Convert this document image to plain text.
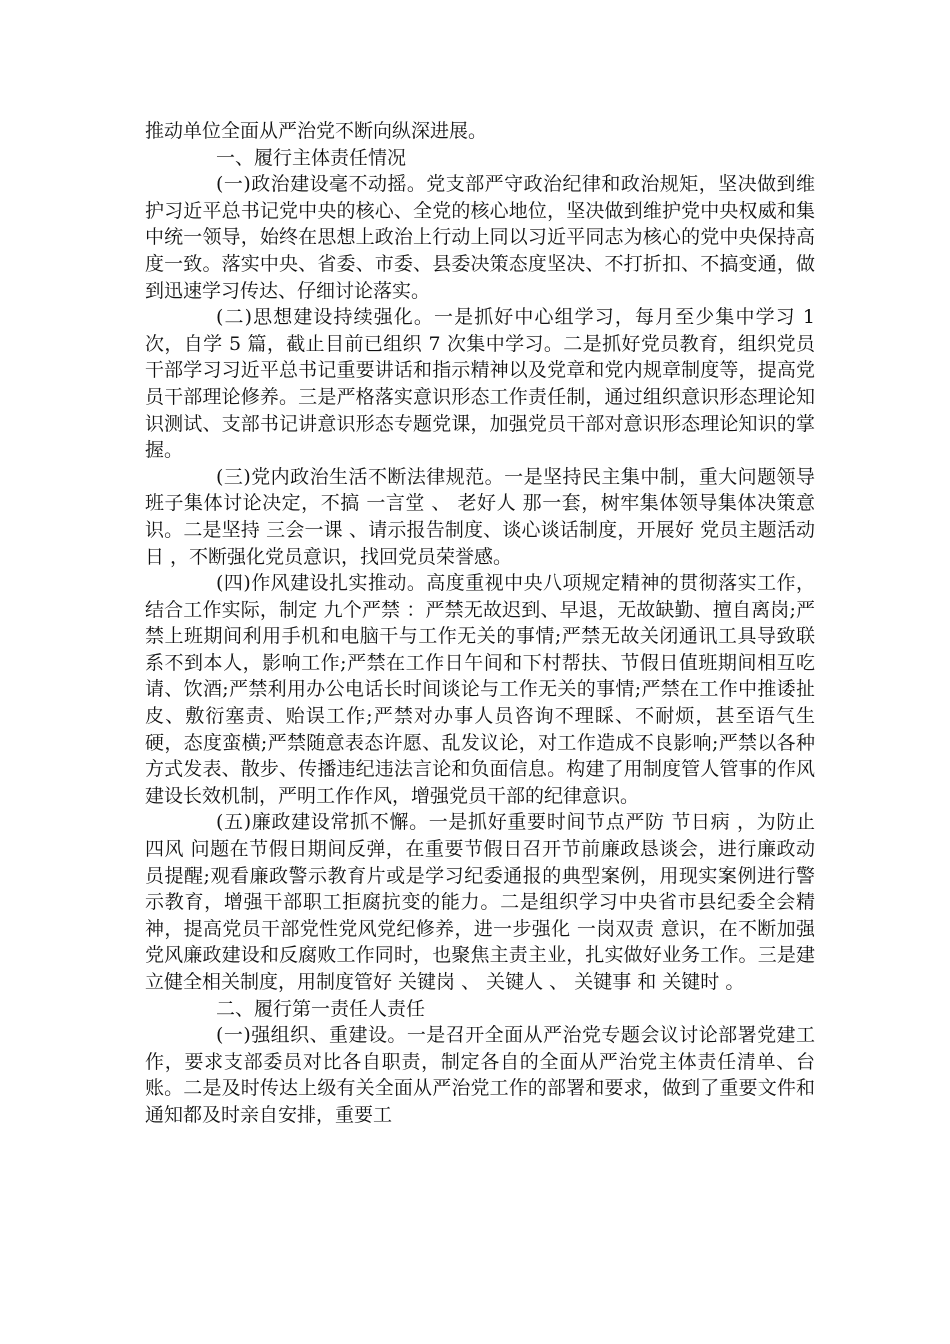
推动单位全面从严治党不断向纵深进展。

一、履行主体责任情况

(一)政治建设毫不动摇。党支部严守政治纪律和政治规矩，坚决做到维护习近平总书记党中央的核心、全党的核心地位，坚决做到维护党中央权威和集中统一领导，始终在思想上政治上行动上同以习近平同志为核心的党中央保持高度一致。落实中央、省委、市委、县委决策态度坚决、不打折扣、不搞变通，做到迅速学习传达、仔细讨论落实。

(二)思想建设持续强化。一是抓好中心组学习，每月至少集中学习 1 次，自学 5 篇，截止目前已组织 7 次集中学习。二是抓好党员教育，组织党员干部学习习近平总书记重要讲话和指示精神以及党章和党内规章制度等，提高党员干部理论修养。三是严格落实意识形态工作责任制，通过组织意识形态理论知识测试、支部书记讲意识形态专题党课，加强党员干部对意识形态理论知识的掌握。

(三)党内政治生活不断法律规范。一是坚持民主集中制，重大问题领导班子集体讨论决定，不搞 一言堂 、 老好人 那一套，树牢集体领导集体决策意识。二是坚持 三会一课 、请示报告制度、谈心谈话制度，开展好 党员主题活动日 ，不断强化党员意识，找回党员荣誉感。

(四)作风建设扎实推动。高度重视中央八项规定精神的贯彻落实工作，结合工作实际，制定 九个严禁 ：严禁无故迟到、早退，无故缺勤、擅自离岗;严禁上班期间利用手机和电脑干与工作无关的事情;严禁无故关闭通讯工具导致联系不到本人，影响工作;严禁在工作日午间和下村帮扶、节假日值班期间相互吃请、饮酒;严禁利用办公电话长时间谈论与工作无关的事情;严禁在工作中推诿扯皮、敷衍塞责、贻误工作;严禁对办事人员咨询不理睬、不耐烦，甚至语气生硬，态度蛮横;严禁随意表态许愿、乱发议论，对工作造成不良影响;严禁以各种方式发表、散步、传播违纪违法言论和负面信息。构建了用制度管人管事的作风建设长效机制，严明工作作风，增强党员干部的纪律意识。

(五)廉政建设常抓不懈。一是抓好重要时间节点严防 节日病 ，为防止 四风 问题在节假日期间反弹，在重要节假日召开节前廉政恳谈会，进行廉政动员提醒;观看廉政警示教育片或是学习纪委通报的典型案例，用现实案例进行警示教育，增强干部职工拒腐抗变的能力。二是组织学习中央省市县纪委全会精神，提高党员干部党性党风党纪修养，进一步强化 一岗双责 意识，在不断加强党风廉政建设和反腐败工作同时，也聚焦主责主业，扎实做好业务工作。三是建立健全相关制度，用制度管好 关键岗 、 关键人 、 关键事 和 关键时 。

二、履行第一责任人责任

(一)强组织、重建设。一是召开全面从严治党专题会议讨论部署党建工作，要求支部委员对比各自职责，制定各自的全面从严治党主体责任清单、台账。二是及时传达上级有关全面从严治党工作的部署和要求，做到了重要文件和通知都及时亲自安排，重要工
